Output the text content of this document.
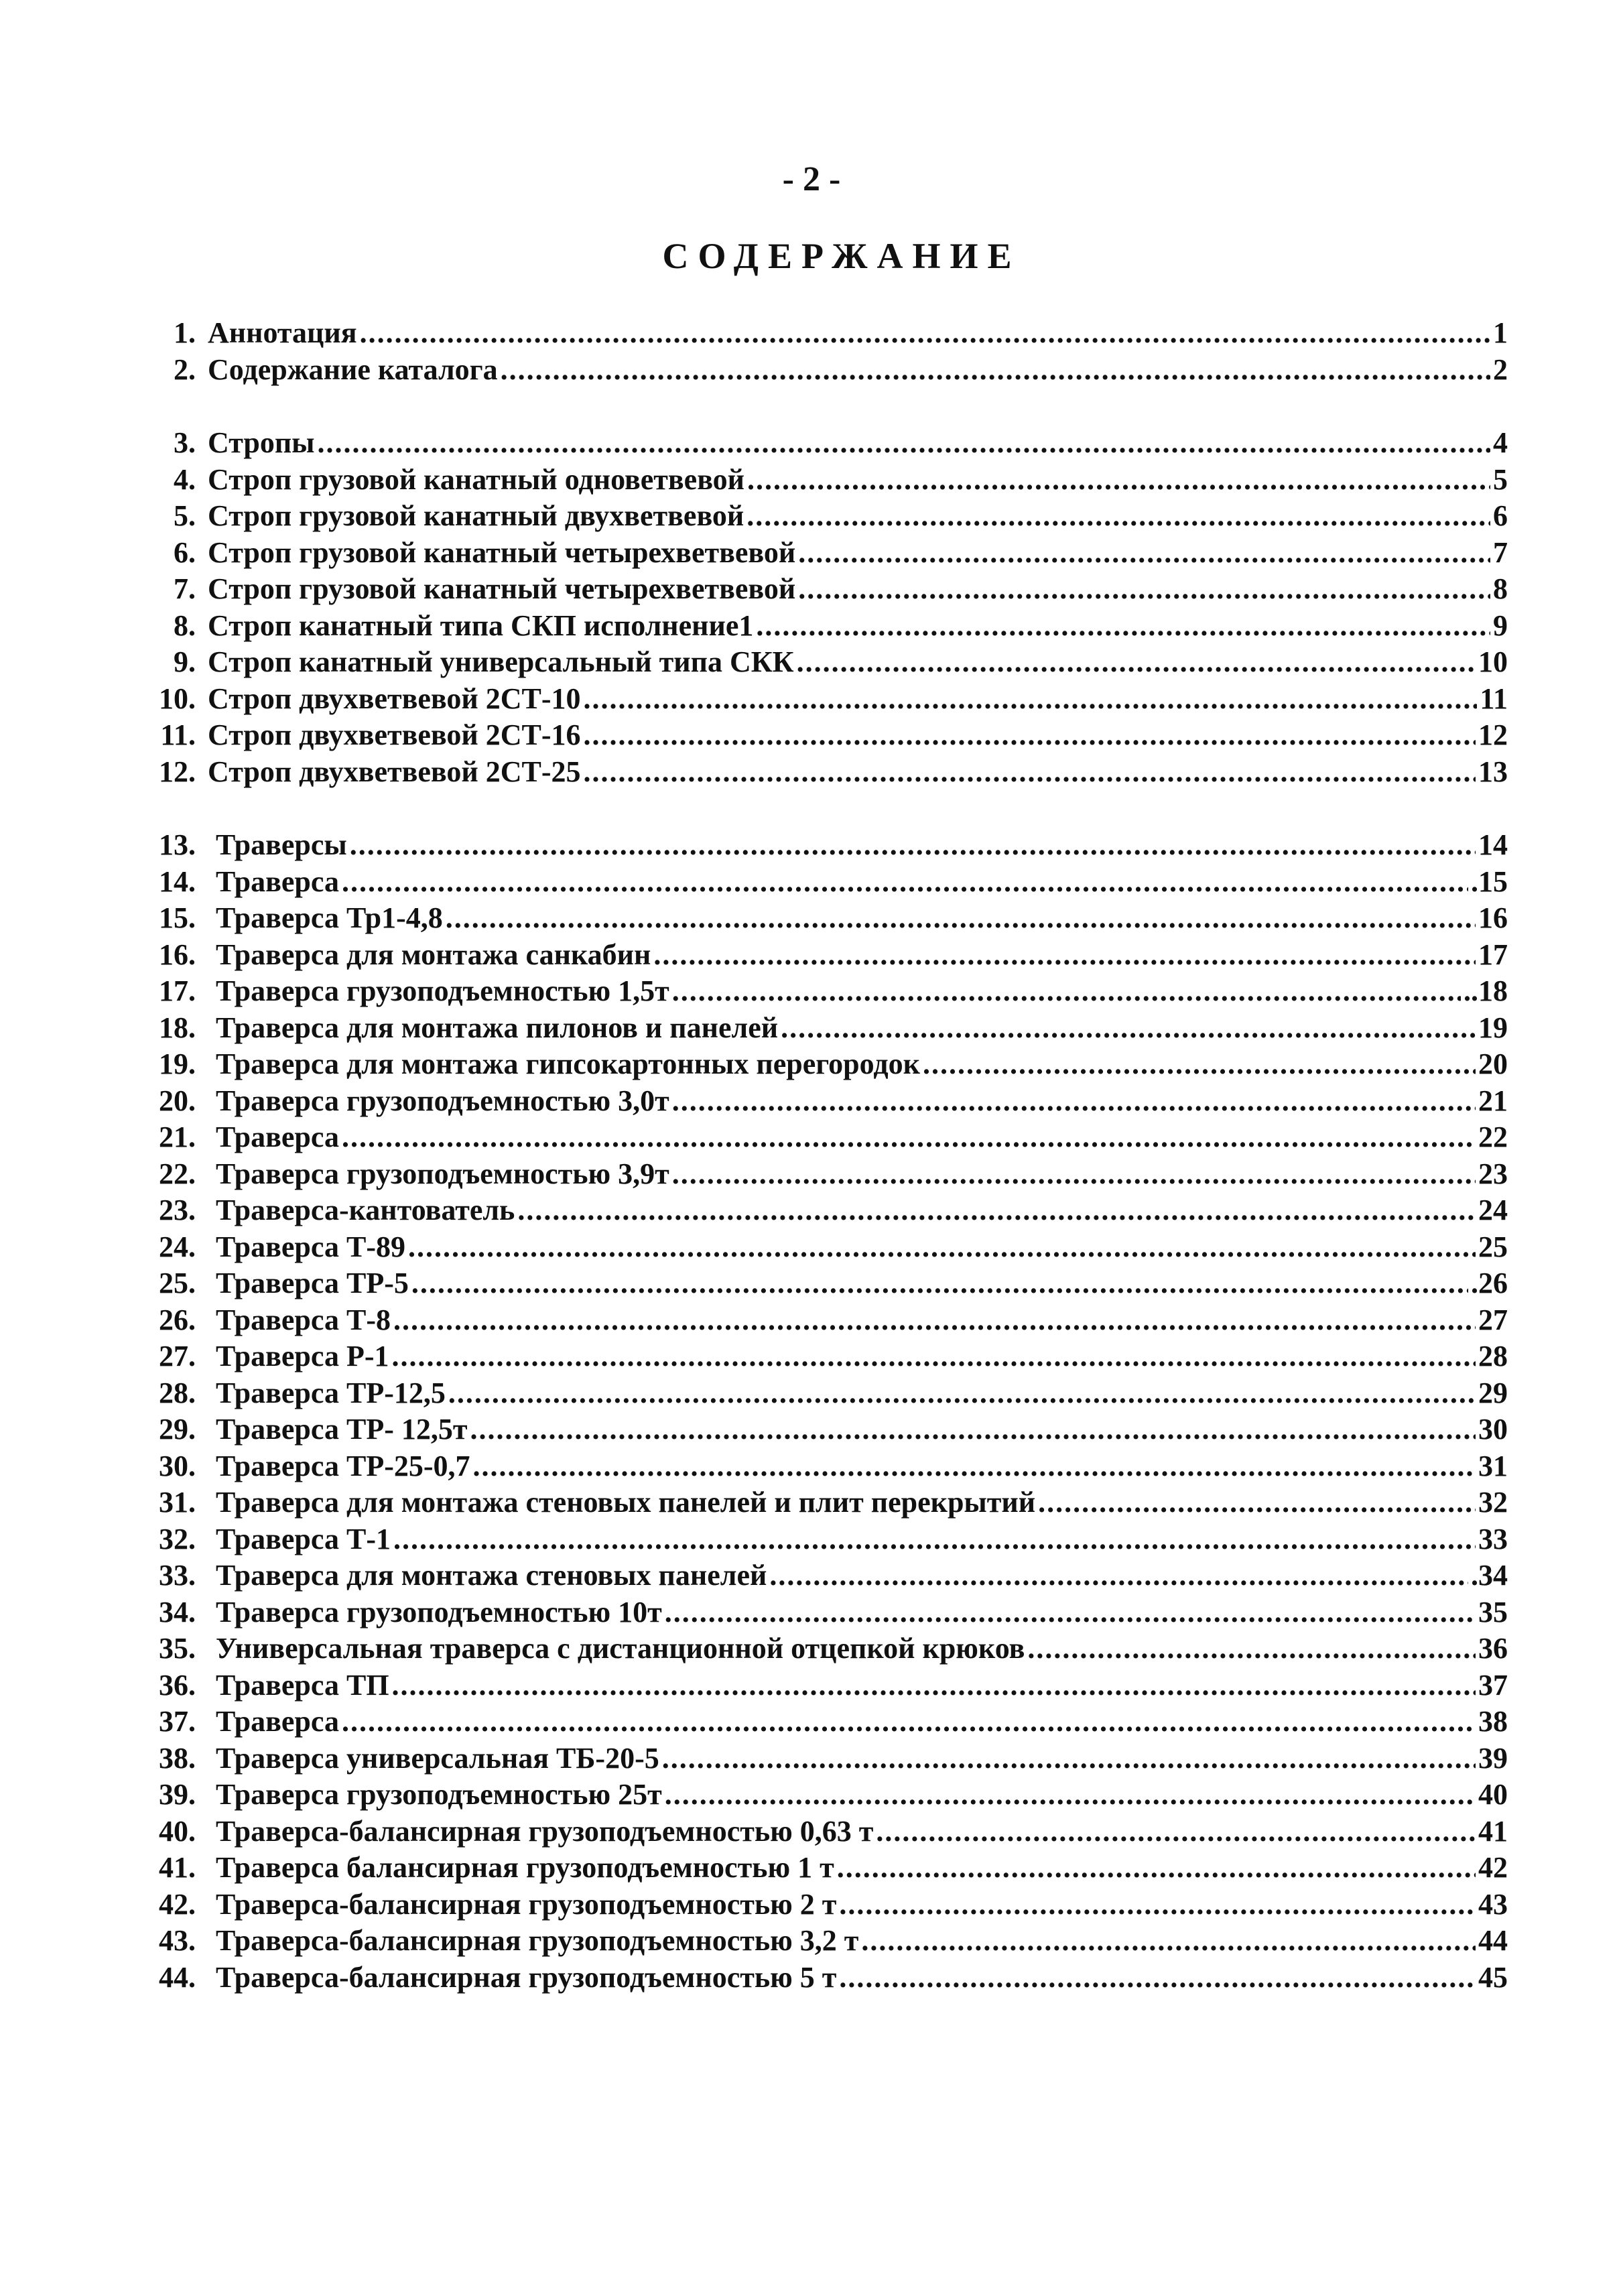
- 2 -
СОДЕРЖАНИЕ
1. Аннотация .....	1
2. Содержание каталога .....	2
3. Стропы .....	4
4. Строп грузовой канатный одноветвевой .....	5
5. Строп грузовой канатный двухветвевой .....	6
6. Строп грузовой канатный четырехветвевой .....	7
7. Строп грузовой канатный четырехветвевой .....	8
8. Строп канатный типа СКП исполнение1 .....	9
9. Строп канатный универсальный типа СКК .....	10
10. Строп двухветвевой 2СТ-10 .....	11
11. Строп двухветвевой 2СТ-16 .....	12
12. Строп двухветвевой 2СТ-25 .....	13
13. Траверсы .....	14
14. Траверса .....	.15
15. Траверса Тр1-4,8 .....	16
16. Траверса для монтажа санкабин .....	17
17. Траверса грузоподъемностью 1,5т .....	..18
18. Траверса для монтажа пилонов и панелей .....	19
19. Траверса для монтажа гипсокартонных перегородок .....	20
20. Траверса грузоподъемностью 3,0т .....	21
21. Траверса .....	22
22. Траверса грузоподъемностью 3,9т .....	23
23. Траверса-кантователь .....	24
24. Траверса Т-89 .....	25
25. Траверса ТР-5 .....	.26
26. Траверса Т-8 .....	27
27. Траверса Р-1 .....	28
28. Траверса ТР-12,5 .....	29
29. Траверса ТР- 12,5т .....	30
30. Траверса ТР-25-0,7 .....	31
31. Траверса для монтажа стеновых панелей и плит перекрытий .....	32
32. Траверса Т-1 .....	33
33. Траверса для монтажа стеновых панелей .....	.34
34. Траверса грузоподъемностью 10т .....	35
35. Универсальная траверса с дистанционной отцепкой крюков .....	36
36. Траверса ТП .....	37
37. Траверса .....	38
38. Траверса универсальная ТБ-20-5 .....	39
39. Траверса грузоподъемностью 25т .....	40
40. Траверса-балансирная грузоподъемностью 0,63 т .....	41
41. Траверса балансирная грузоподъемностью 1 т .....	42
42. Траверса-балансирная грузоподъемностью 2 т .....	43
43. Траверса-балансирная грузоподъемностью 3,2 т .....	44
44. Траверса-балансирная грузоподъемностью 5 т .....	45
